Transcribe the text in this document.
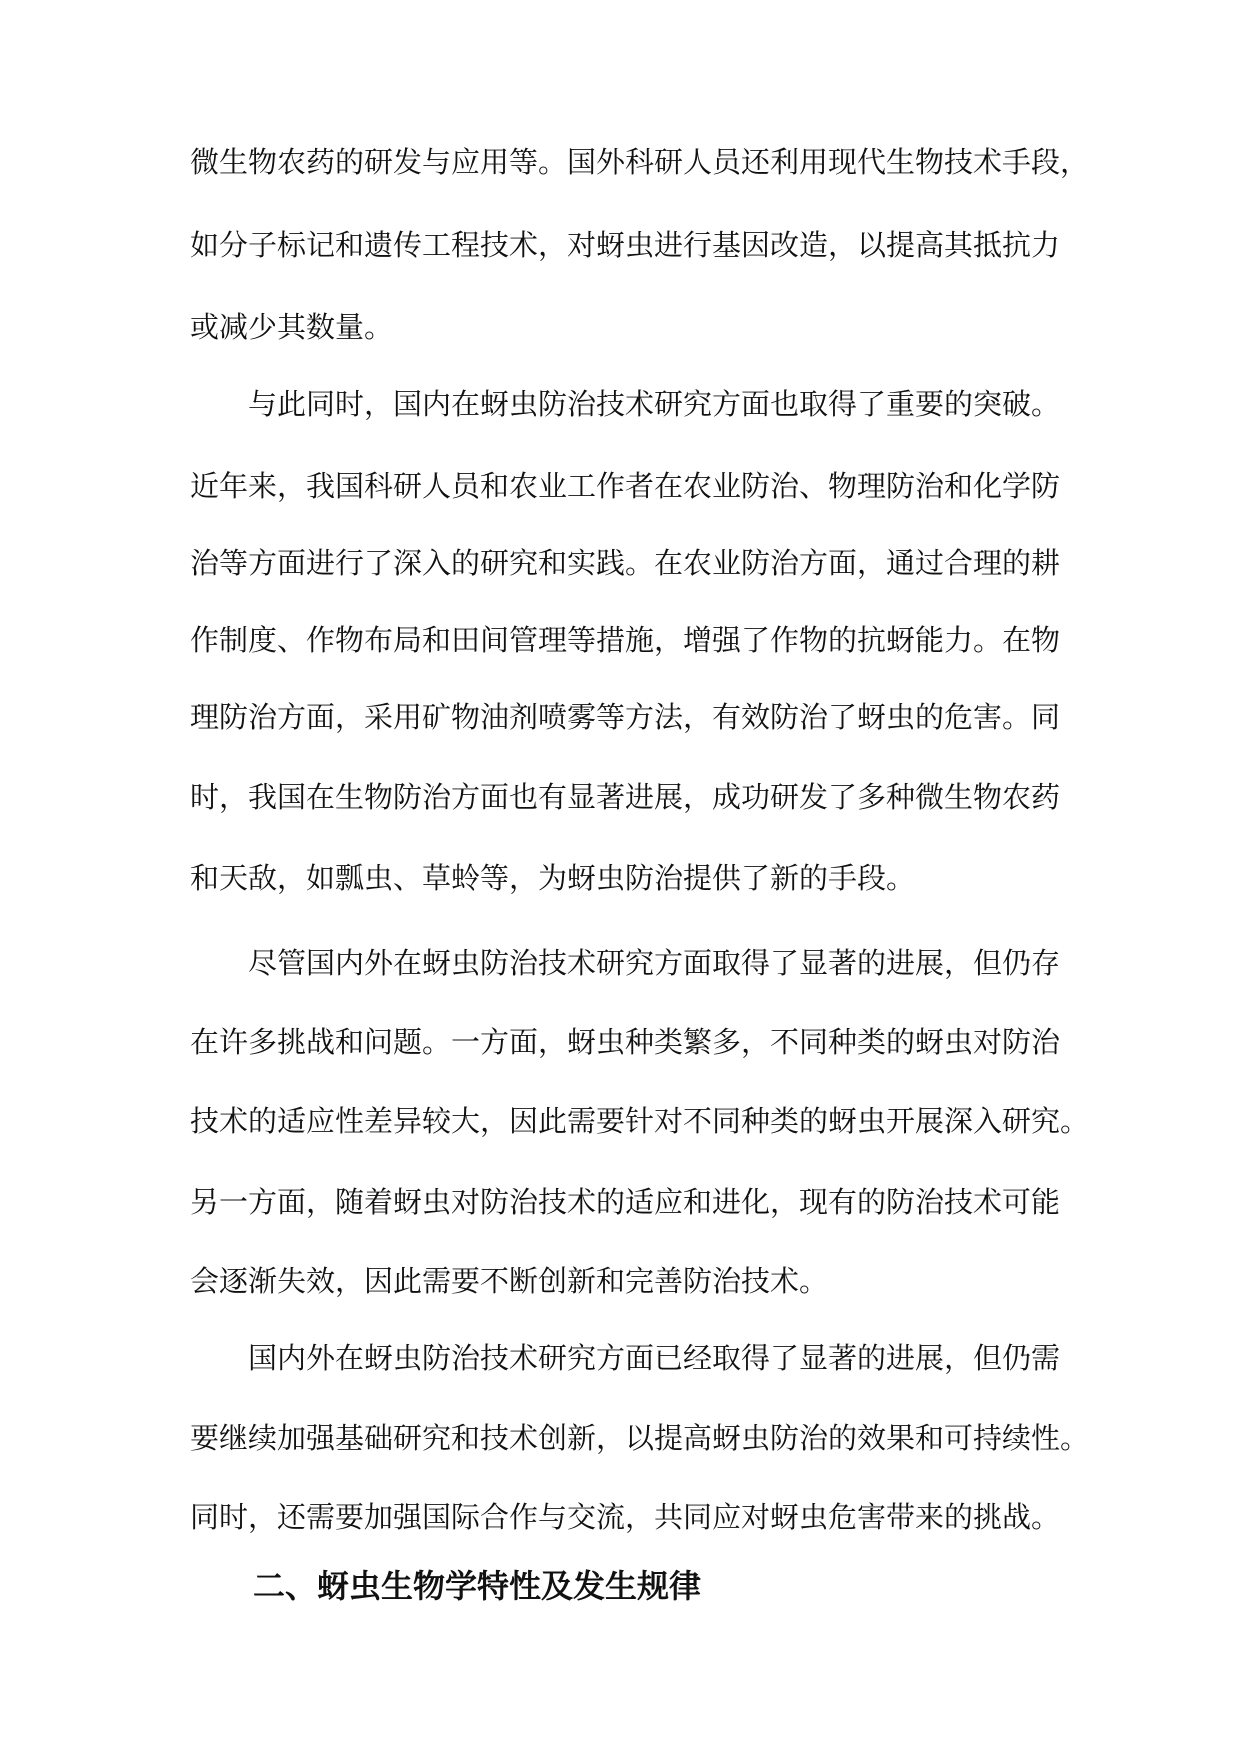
微生物农药的研发与应用等。国外科研人员还利用现代生物技术手段，
如分子标记和遗传工程技术，对蚜虫进行基因改造，以提高其抵抗力
或减少其数量。
与此同时，国内在蚜虫防治技术研究方面也取得了重要的突破。
近年来，我国科研人员和农业工作者在农业防治、物理防治和化学防
治等方面进行了深入的研究和实践。在农业防治方面，通过合理的耕
作制度、作物布局和田间管理等措施，增强了作物的抗蚜能力。在物
理防治方面，采用矿物油剂喷雾等方法，有效防治了蚜虫的危害。同
时，我国在生物防治方面也有显著进展，成功研发了多种微生物农药
和天敌，如瓢虫、草蛉等，为蚜虫防治提供了新的手段。
尽管国内外在蚜虫防治技术研究方面取得了显著的进展，但仍存
在许多挑战和问题。一方面，蚜虫种类繁多，不同种类的蚜虫对防治
技术的适应性差异较大，因此需要针对不同种类的蚜虫开展深入研究。
另一方面，随着蚜虫对防治技术的适应和进化，现有的防治技术可能
会逐渐失效，因此需要不断创新和完善防治技术。
国内外在蚜虫防治技术研究方面已经取得了显著的进展，但仍需
要继续加强基础研究和技术创新，以提高蚜虫防治的效果和可持续性。
同时，还需要加强国际合作与交流，共同应对蚜虫危害带来的挑战。
二、蚜虫生物学特性及发生规律
